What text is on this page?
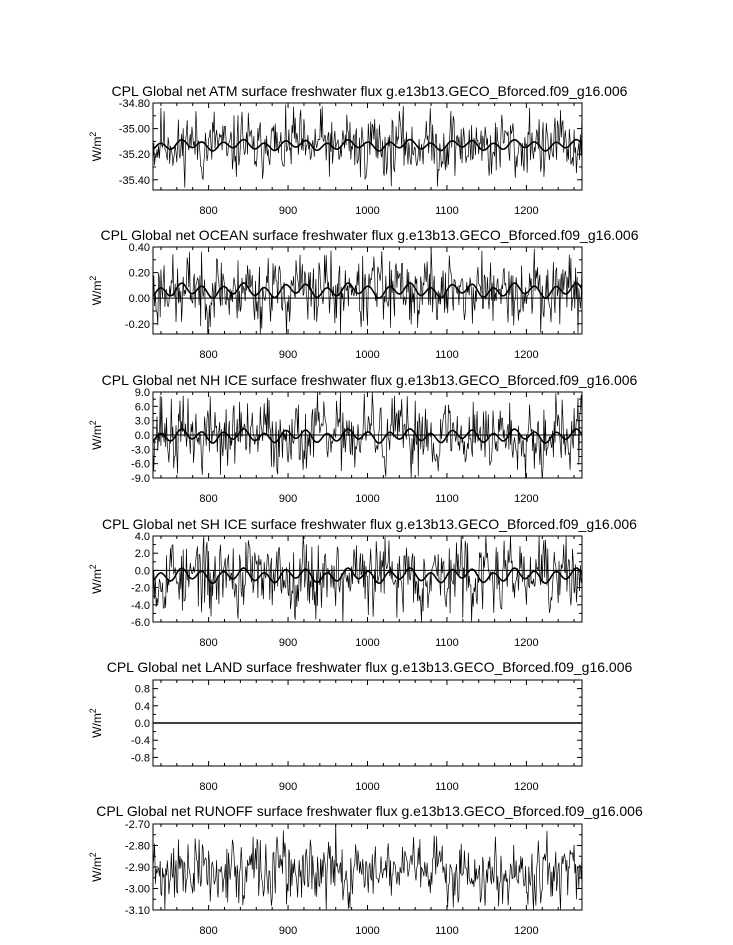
CPL Global net ATM surface freshwater flux g.e13b13.GECO_Bforced.f09_g16.006
$W/m^2$
-34.80
-35.00
-35.20
-35.40
800	900	1000	1100	1200
CPL Global net OCEAN surface freshwater flux g.e13b13.GECO_Bforced.f09_g16.006
$W/m^2$
0.40
0.20
0.00
-0.20
800	900	1000	1100	1200
CPL Global net NH ICE surface freshwater flux g.e13b13.GECO_Bforced.f09_g16.006
$W/m^2$
9.0
6.0
3.0
0.0
-3.0
-6.0
-9.0
800	900	1000	1100	1200
CPL Global net SH ICE surface freshwater flux g.e13b13.GECO_Bforced.f09_g16.006
$W/m^2$
4.0
2.0
0.0
-2.0
-4.0
-6.0
800	900	1000	1100	1200
CPL Global net LAND surface freshwater flux g.e13b13.GECO_Bforced.f09_g16.006
$W/m^2$
0.8
0.4
0.0
-0.4
-0.8
800	900	1000	1100	1200
CPL Global net RUNOFF surface freshwater flux g.e13b13.GECO_Bforced.f09_g16.006
$W/m^2$
-2.70
-2.80
-2.90
-3.00
-3.10
800	900	1000	1100	1200
